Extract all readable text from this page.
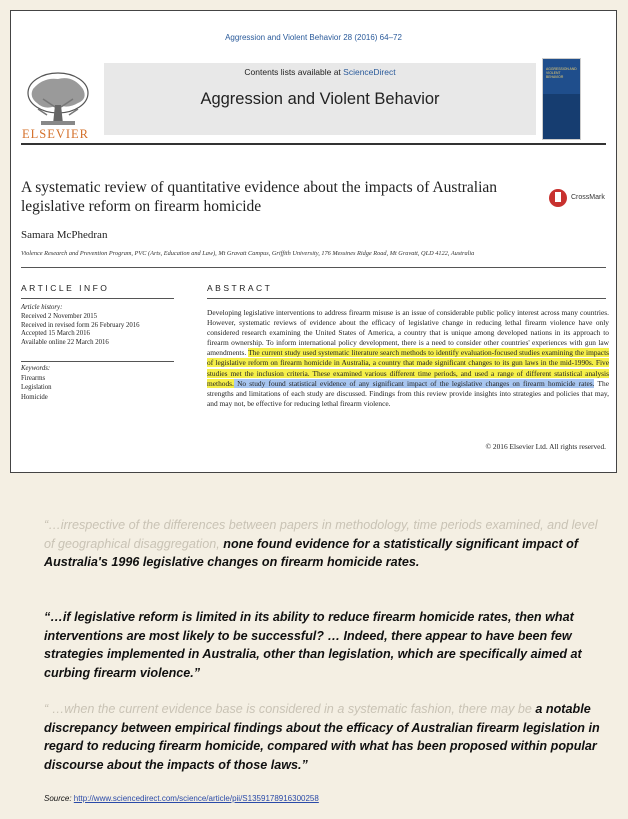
Aggression and Violent Behavior 28 (2016) 64–72
ELSEVIER
Contents lists available at ScienceDirect
Aggression and Violent Behavior
AGGRESSION AND VIOLENT BEHAVIOR
A systematic review of quantitative evidence about the impacts of Australian legislative reform on firearm homicide
CrossMark
Samara McPhedran
Violence Research and Prevention Program, PVC (Arts, Education and Law), Mt Gravatt Campus, Griffith University, 176 Messines Ridge Road, Mt Gravatt, QLD 4122, Australia
ARTICLE INFO
Article history:
Received 2 November 2015
Received in revised form 26 February 2016
Accepted 15 March 2016
Available online 22 March 2016
Keywords:
Firearms
Legislation
Homicide
ABSTRACT
Developing legislative interventions to address firearm misuse is an issue of considerable public policy interest across many countries. However, systematic reviews of evidence about the efficacy of legislative change in reducing lethal firearm violence have only considered research examining the United States of America, a country that is unique among developed nations in its approach to firearm ownership. To inform international policy development, there is a need to consider other countries' experiences with gun law amendments. The current study used systematic literature search methods to identify evaluation-focused studies examining the impacts of legislative reform on firearm homicide in Australia, a country that made significant changes to its gun laws in the mid-1990s. Five studies met the inclusion criteria. These examined various different time periods, and used a range of different statistical analysis methods. No study found statistical evidence of any significant impact of the legislative changes on firearm homicide rates. The strengths and limitations of each study are discussed. Findings from this review provide insights into strategies and policies that may, and may not, be effective for reducing lethal firearm violence.
© 2016 Elsevier Ltd. All rights reserved.
“…irrespective of the differences between papers in methodology, time periods examined, and level of geographical disaggregation, none found evidence for a statistically significant impact of Australia's 1996 legislative changes on firearm homicide rates.
“…if legislative reform is limited in its ability to reduce firearm homicide rates, then what interventions are most likely to be successful? … Indeed, there appear to have been few strategies implemented in Australia, other than legislation, which are specifically aimed at curbing firearm violence.”
“ …when the current evidence base is considered in a systematic fashion, there may be a notable discrepancy between empirical findings about the efficacy of Australian firearm legislation in regard to reducing firearm homicide, compared with what has been proposed within popular discourse about the impacts of those laws.”
Source: http://www.sciencedirect.com/science/article/pii/S1359178916300258
